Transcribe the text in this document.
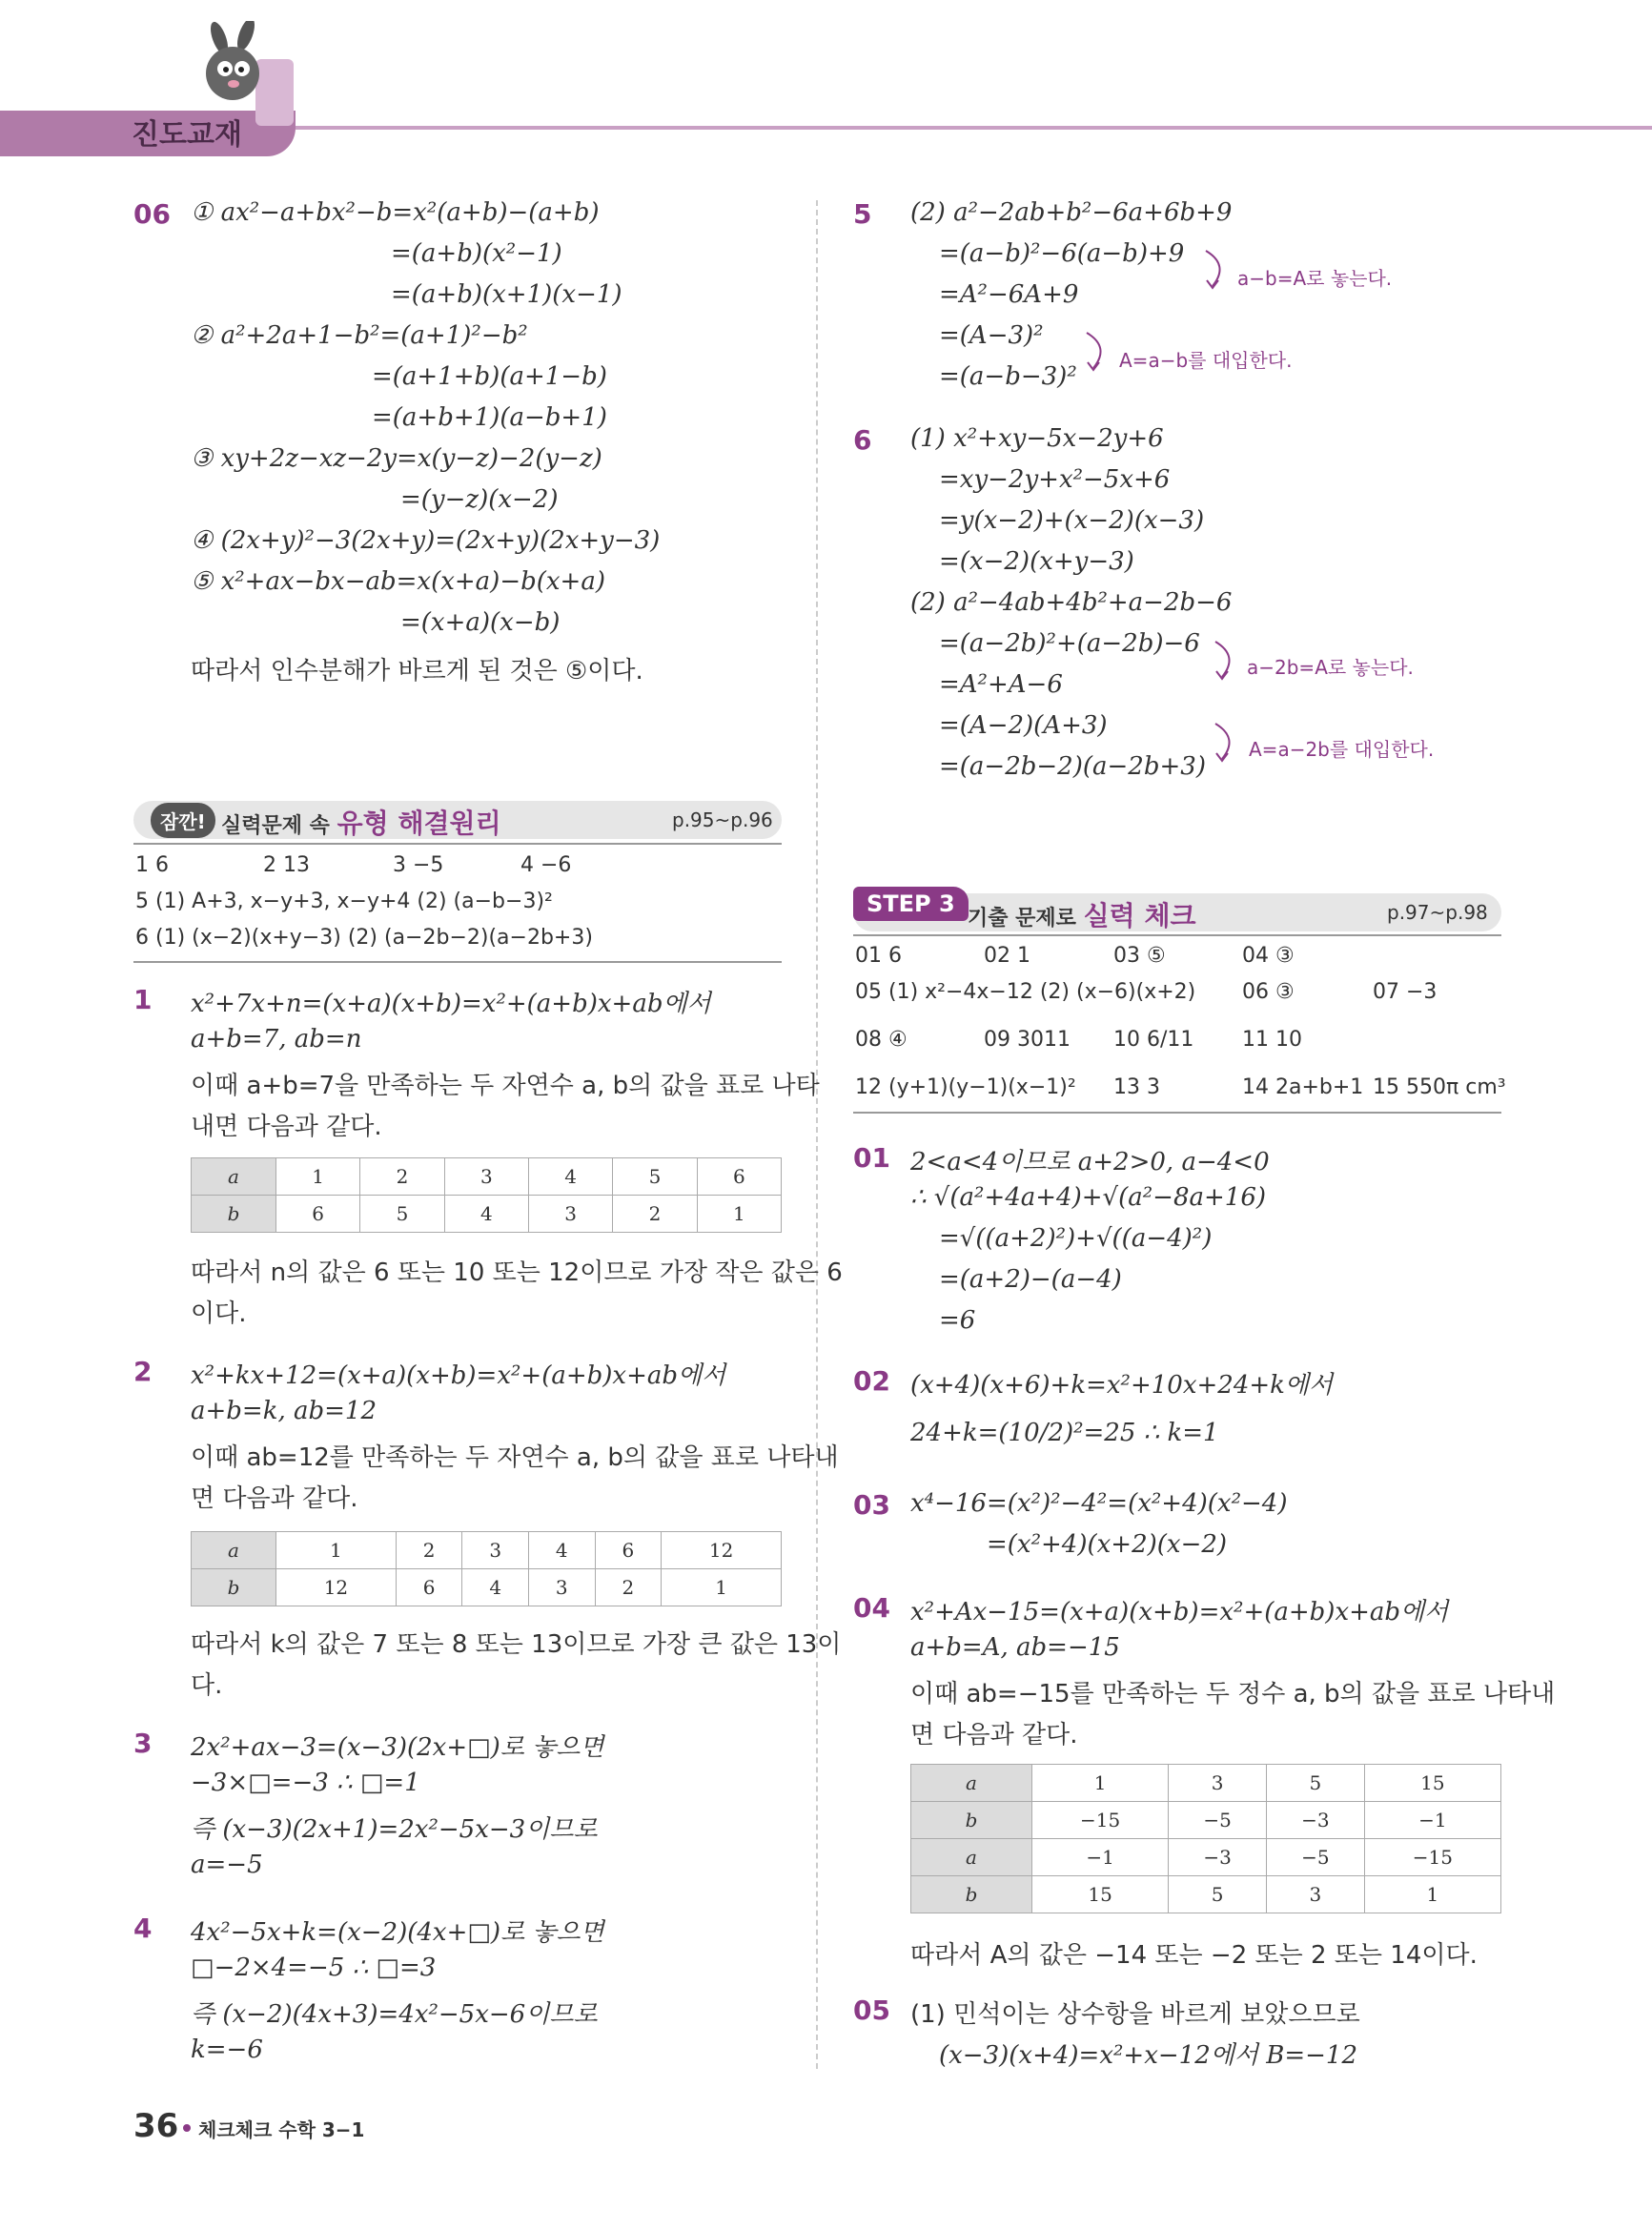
진도교재
06 ① ax²−a+bx²−b=x²(a+b)−(a+b)
=(a+b)(x²−1)
=(a+b)(x+1)(x−1)
② a²+2a+1−b²=(a+1)²−b²
=(a+1+b)(a+1−b)
=(a+b+1)(a−b+1)
③ xy+2z−xz−2y=x(y−z)−2(y−z)
=(y−z)(x−2)
④ (2x+y)²−3(2x+y)=(2x+y)(2x+y−3)
⑤ x²+ax−bx−ab=x(x+a)−b(x+a)
=(x+a)(x−b)
따라서 인수분해가 바르게 된 것은 ⑤이다.
잠깐! 실력문제 속 유형 해결원리	p.95~p.96
1 6	2 13	3 −5	4 −6
5 (1) A+3, x−y+3, x−y+4 (2) (a−b−3)²
6 (1) (x−2)(x+y−3) (2) (a−2b−2)(a−2b+3)
1 x²+7x+n=(x+a)(x+b)=x²+(a+b)x+ab에서
a+b=7, ab=n
이때 a+b=7을 만족하는 두 자연수 a, b의 값을 표로 나타
내면 다음과 같다.
a	1	2	3	4	5	6
b	6	5	4	3	2	1
따라서 n의 값은 6 또는 10 또는 12이므로 가장 작은 값은 6
이다.
2 x²+kx+12=(x+a)(x+b)=x²+(a+b)x+ab에서
a+b=k, ab=12
이때 ab=12를 만족하는 두 자연수 a, b의 값을 표로 나타내
면 다음과 같다.
a	1	2	3	4	6	12
b	12	6	4	3	2	1
따라서 k의 값은 7 또는 8 또는 13이므로 가장 큰 값은 13이
다.
3 2x²+ax−3=(x−3)(2x+□)로 놓으면
−3×□=−3 ∴ □=1
즉 (x−3)(2x+1)=2x²−5x−3이므로
a=−5
4 4x²−5x+k=(x−2)(4x+□)로 놓으면
□−2×4=−5 ∴ □=3
즉 (x−2)(4x+3)=4x²−5x−6이므로
k=−6
5 (2) a²−2ab+b²−6a+6b+9
=(a−b)²−6(a−b)+9
=A²−6A+9
=(A−3)²
=(a−b−3)²
a−b=A로 놓는다.
A=a−b를 대입한다.
6 (1) x²+xy−5x−2y+6
=xy−2y+x²−5x+6
=y(x−2)+(x−2)(x−3)
=(x−2)(x+y−3)
(2) a²−4ab+4b²+a−2b−6
=(a−2b)²+(a−2b)−6
=A²+A−6
=(A−2)(A+3)
=(a−2b−2)(a−2b+3)
a−2b=A로 놓는다.
A=a−2b를 대입한다.
STEP 3
기출 문제로 실력 체크	p.97~p.98
01 6	02 1	03 ⑤	04 ③
05 (1) x²−4x−12 (2) (x−6)(x+2) 06 ③	07 −3
08 ④	09 3011 10 6/11 11 10
12 (y+1)(y−1)(x−1)² 13 3	14 2a+b+1 15 550π cm³
01 2<a<4이므로 a+2>0, a−4<0
∴ √(a²+4a+4)+√(a²−8a+16)
=√((a+2)²)+√((a−4)²)
=(a+2)−(a−4)
=6
02 (x+4)(x+6)+k=x²+10x+24+k에서
24+k=(10/2)²=25 ∴ k=1
03 x⁴−16=(x²)²−4²=(x²+4)(x²−4)
=(x²+4)(x+2)(x−2)
04 x²+Ax−15=(x+a)(x+b)=x²+(a+b)x+ab에서
a+b=A, ab=−15
이때 ab=−15를 만족하는 두 정수 a, b의 값을 표로 나타내
면 다음과 같다.
a	1	3	5	15
b	−15	−5	−3	−1
a	−1	−3	−5	−15
b	15	5	3	1
따라서 A의 값은 −14 또는 −2 또는 2 또는 14이다.
05 (1) 민석이는 상수항을 바르게 보았으므로
(x−3)(x+4)=x²+x−12에서 B=−12
36 체크체크 수학 3−1
